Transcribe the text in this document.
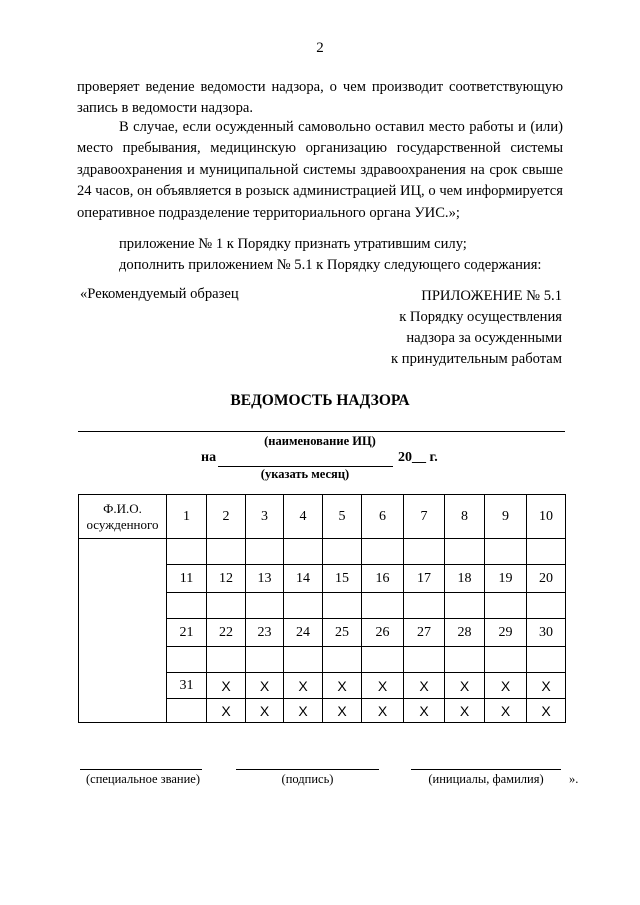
2
проверяет ведение ведомости надзора, о чем производит соответствующую запись в ведомости надзора.
В случае, если осужденный самовольно оставил место работы и (или) место пребывания, медицинскую организацию государственной системы здравоохранения и муниципальной системы здравоохранения на срок свыше 24 часов, он объявляется в розыск администрацией ИЦ, о чем информируется оперативное подразделение территориального органа УИС.»;
приложение № 1 к Порядку признать утратившим силу;
дополнить приложением № 5.1 к Порядку следующего содержания:
«Рекомендуемый образец	ПРИЛОЖЕНИЕ № 5.1
к Порядку осуществления
надзора за осужденными
к принудительным работам
ВЕДОМОСТЬ НАДЗОРА
(наименование ИЦ)
на	20__ г.
(указать месяц)
Ф.И.О. осужденного	1	2	3	4	5	6	7	8	9	10

	11	12	13	14	15	16	17	18	19	20

	21	22	23	24	25	26	27	28	29	30

	31	Х	Х	Х	Х	Х	Х	Х	Х	Х
		Х	Х	Х	Х	Х	Х	Х	Х	Х
(специальное звание)	(подпись)	(инициалы, фамилия)	».
